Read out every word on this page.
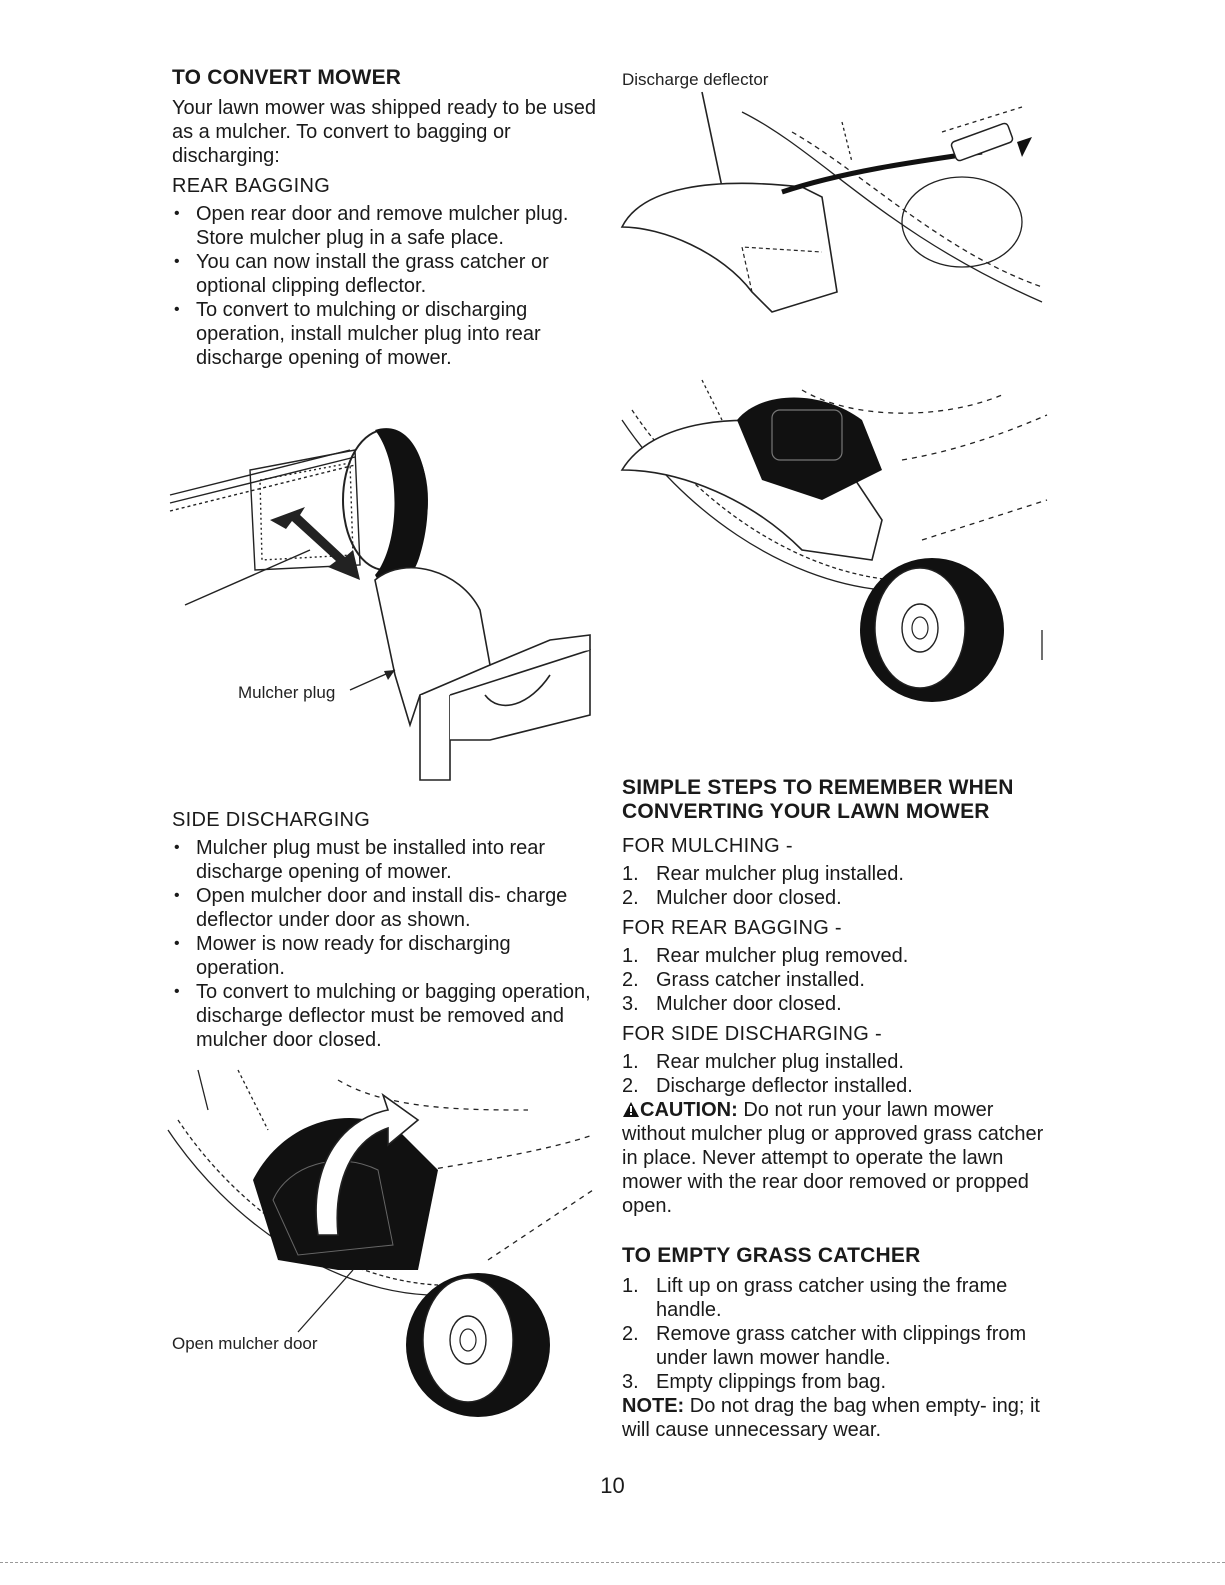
TO CONVERT MOWER

Your lawn mower was shipped ready to be used as a mulcher. To convert to bagging or discharging:

REAR BAGGING
• Open rear door and remove mulcher plug. Store mulcher plug in a safe place.
• You can now install the grass catcher or optional clipping deflector.
• To convert to mulching or discharging operation, install mulcher plug into rear discharge opening of mower.
Mulcher plug
SIDE DISCHARGING
• Mulcher plug must be installed into rear discharge opening of mower.
• Open mulcher door and install dis- charge deflector under door as shown.
• Mower is now ready for discharging operation.
• To convert to mulching or bagging operation, discharge deflector must be removed and mulcher door closed.
Open mulcher door
Discharge deflector
SIMPLE STEPS TO REMEMBER WHEN CONVERTING YOUR LAWN MOWER
FOR MULCHING -
1. Rear mulcher plug installed.
2. Mulcher door closed.
FOR REAR BAGGING -
1. Rear mulcher plug removed.
2. Grass catcher installed.
3. Mulcher door closed.
FOR SIDE DISCHARGING -
1. Rear mulcher plug installed.
2. Discharge deflector installed.

CAUTION: Do not run your lawn mower without mulcher plug or approved grass catcher in place. Never attempt to operate the lawn mower with the rear door removed or propped open.

TO EMPTY GRASS CATCHER
1. Lift up on grass catcher using the frame handle.
2. Remove grass catcher with clippings from under lawn mower handle.
3. Empty clippings from bag.

NOTE: Do not drag the bag when empty- ing; it will cause unnecessary wear.

10
